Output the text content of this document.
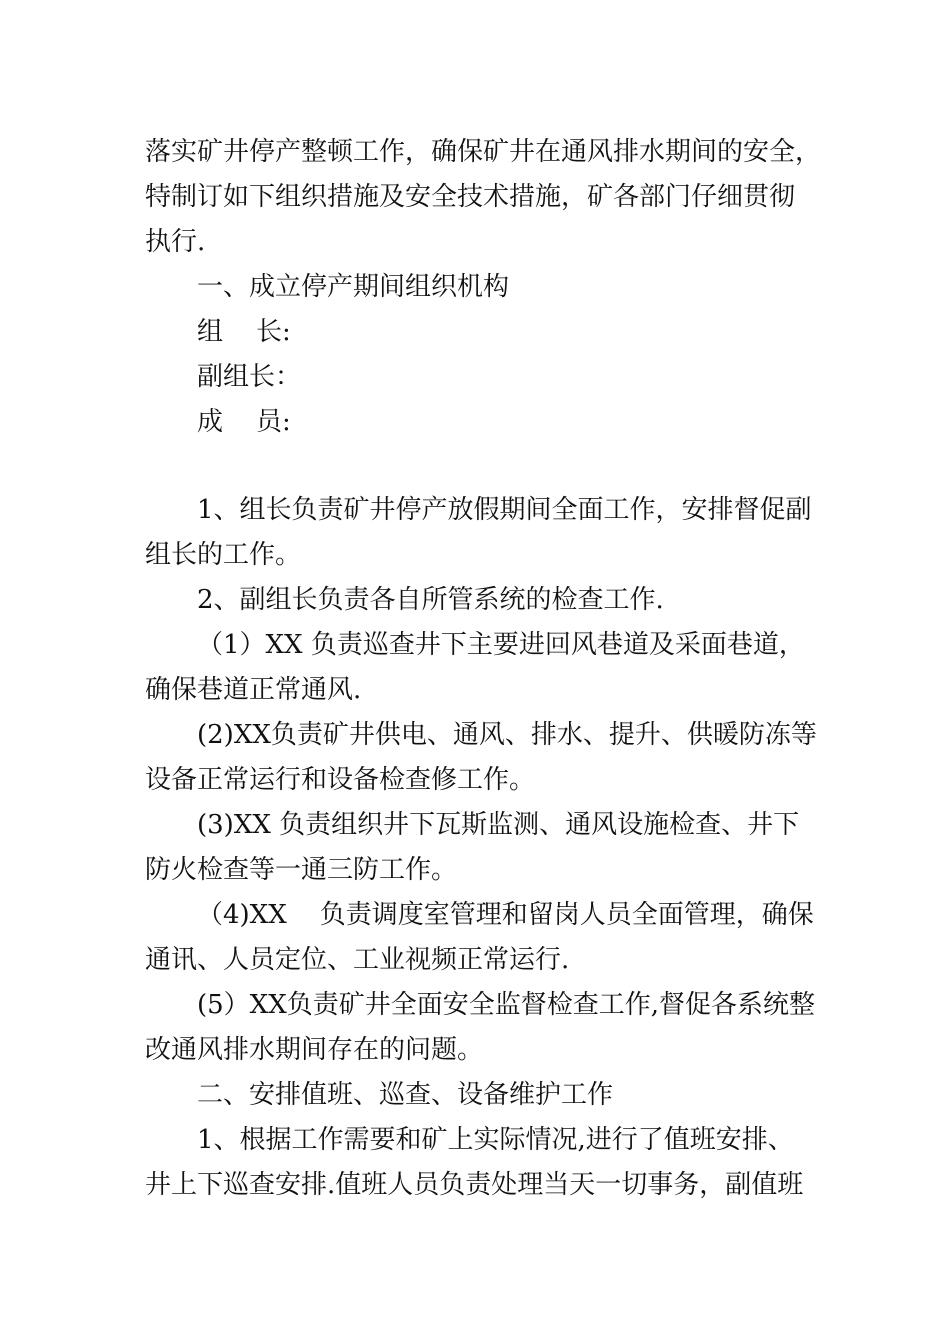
落实矿井停产整顿工作，确保矿井在通风排水期间的安全，
特制订如下组织措施及安全技术措施，矿各部门仔细贯彻
执行.
一、成立停产期间组织机构
组    长:
副组长：
成    员:
1、组长负责矿井停产放假期间全面工作，安排督促副
组长的工作。
2、副组长负责各自所管系统的检查工作.
（1）XX 负责巡查井下主要进回风巷道及采面巷道，
确保巷道正常通风.
(2)XX负责矿井供电、通风、排水、提升、供暖防冻等
设备正常运行和设备检查修工作。
(3)XX 负责组织井下瓦斯监测、通风设施检查、井下
防火检查等一通三防工作。
（4)XX    负责调度室管理和留岗人员全面管理，确保
通讯、人员定位、工业视频正常运行.
(5）XX负责矿井全面安全监督检查工作,督促各系统整
改通风排水期间存在的问题。
二、安排值班、巡查、设备维护工作
1、根据工作需要和矿上实际情况,进行了值班安排、
井上下巡查安排.值班人员负责处理当天一切事务，副值班
